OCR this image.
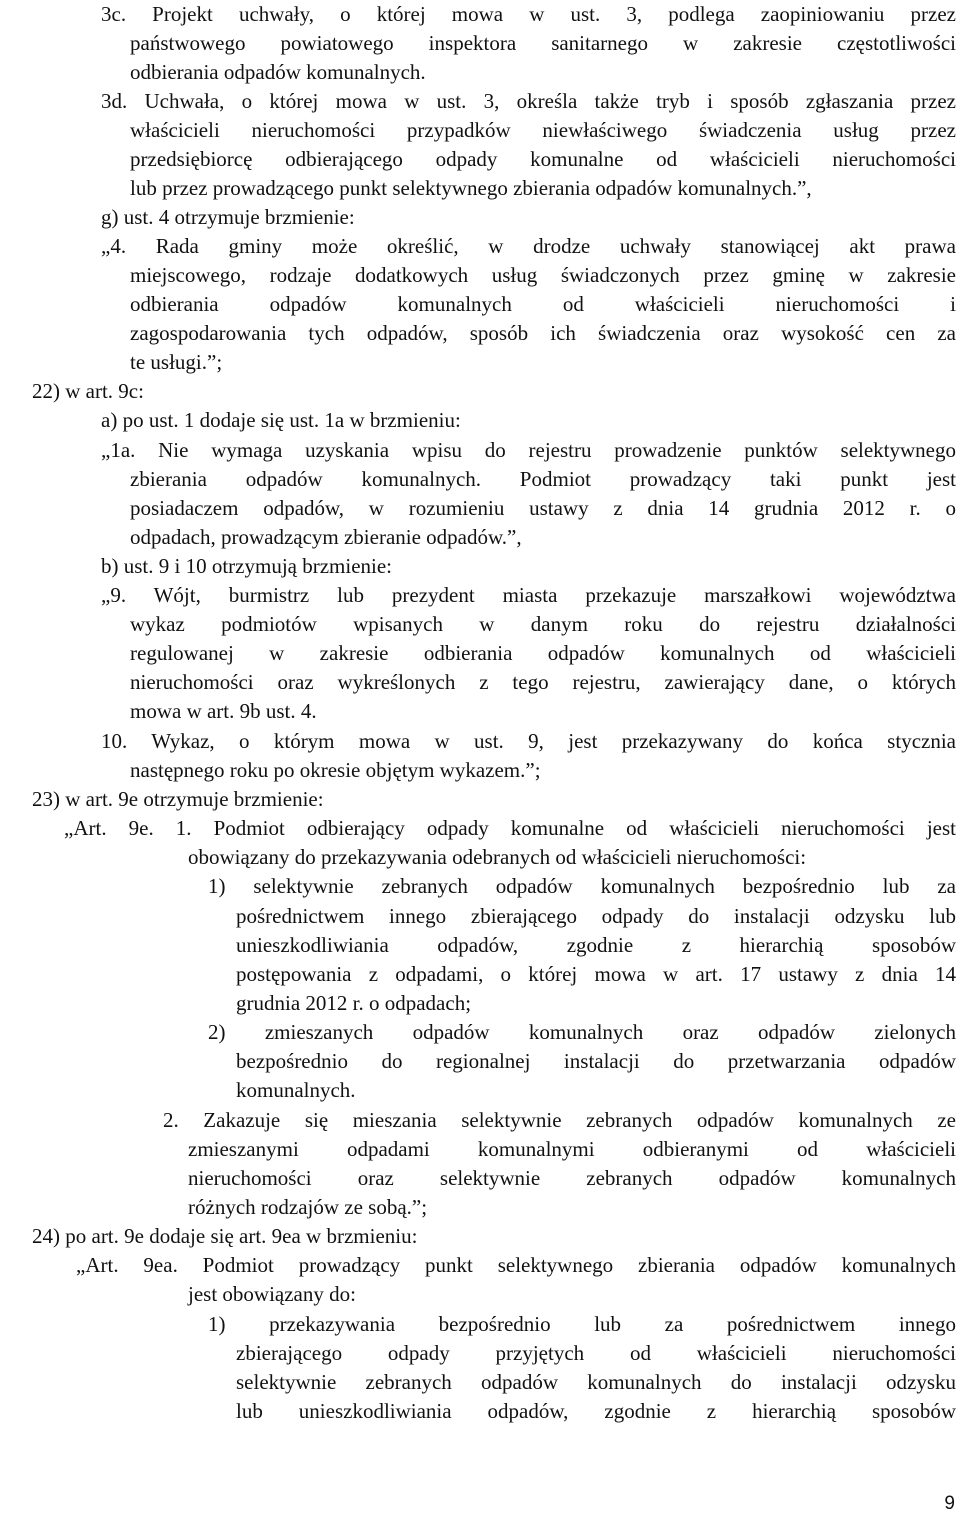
3c. Projekt uchwały, o której mowa w ust. 3, podlega zaopiniowaniu przez
państwowego powiatowego inspektora sanitarnego w zakresie częstotliwości
odbierania odpadów komunalnych.
3d. Uchwała, o której mowa w ust. 3, określa także tryb i sposób zgłaszania przez
właścicieli nieruchomości przypadków niewłaściwego świadczenia usług przez
przedsiębiorcę odbierającego odpady komunalne od właścicieli nieruchomości
lub przez prowadzącego punkt selektywnego zbierania odpadów komunalnych.”,
g) ust. 4 otrzymuje brzmienie:
„4. Rada gminy może określić, w drodze uchwały stanowiącej akt prawa
miejscowego, rodzaje dodatkowych usług świadczonych przez gminę w zakresie
odbierania odpadów komunalnych od właścicieli nieruchomości i
zagospodarowania tych odpadów, sposób ich świadczenia oraz wysokość cen za
te usługi.”;
22) w art. 9c:
a) po ust. 1 dodaje się ust. 1a w brzmieniu:
„1a. Nie wymaga uzyskania wpisu do rejestru prowadzenie punktów selektywnego
zbierania odpadów komunalnych. Podmiot prowadzący taki punkt jest
posiadaczem odpadów, w rozumieniu ustawy z dnia 14 grudnia 2012 r. o
odpadach, prowadzącym zbieranie odpadów.”,
b) ust. 9 i 10 otrzymują brzmienie:
„9. Wójt, burmistrz lub prezydent miasta przekazuje marszałkowi województwa
wykaz podmiotów wpisanych w danym roku do rejestru działalności
regulowanej w zakresie odbierania odpadów komunalnych od właścicieli
nieruchomości oraz wykreślonych z tego rejestru, zawierający dane, o których
mowa w art. 9b ust. 4.
10. Wykaz, o którym mowa w ust. 9, jest przekazywany do końca stycznia
następnego roku po okresie objętym wykazem.”;
23) w art. 9e otrzymuje brzmienie:
„Art. 9e. 1. Podmiot odbierający odpady komunalne od właścicieli nieruchomości jest
obowiązany do przekazywania odebranych od właścicieli nieruchomości:
1) selektywnie zebranych odpadów komunalnych bezpośrednio lub za
pośrednictwem innego zbierającego odpady do instalacji odzysku lub
unieszkodliwiania odpadów, zgodnie z hierarchią sposobów
postępowania z odpadami, o której mowa w art. 17 ustawy z dnia 14
grudnia 2012 r. o odpadach;
2) zmieszanych odpadów komunalnych oraz odpadów zielonych
bezpośrednio do regionalnej instalacji do przetwarzania odpadów
komunalnych.
2. Zakazuje się mieszania selektywnie zebranych odpadów komunalnych ze
zmieszanymi odpadami komunalnymi odbieranymi od właścicieli
nieruchomości oraz selektywnie zebranych odpadów komunalnych
różnych rodzajów ze sobą.”;
24) po art. 9e dodaje się art. 9ea w brzmieniu:
„Art. 9ea. Podmiot prowadzący punkt selektywnego zbierania odpadów komunalnych
jest obowiązany do:
1) przekazywania bezpośrednio lub za pośrednictwem innego
zbierającego odpady przyjętych od właścicieli nieruchomości
selektywnie zebranych odpadów komunalnych do instalacji odzysku
lub unieszkodliwiania odpadów, zgodnie z hierarchią sposobów
9
